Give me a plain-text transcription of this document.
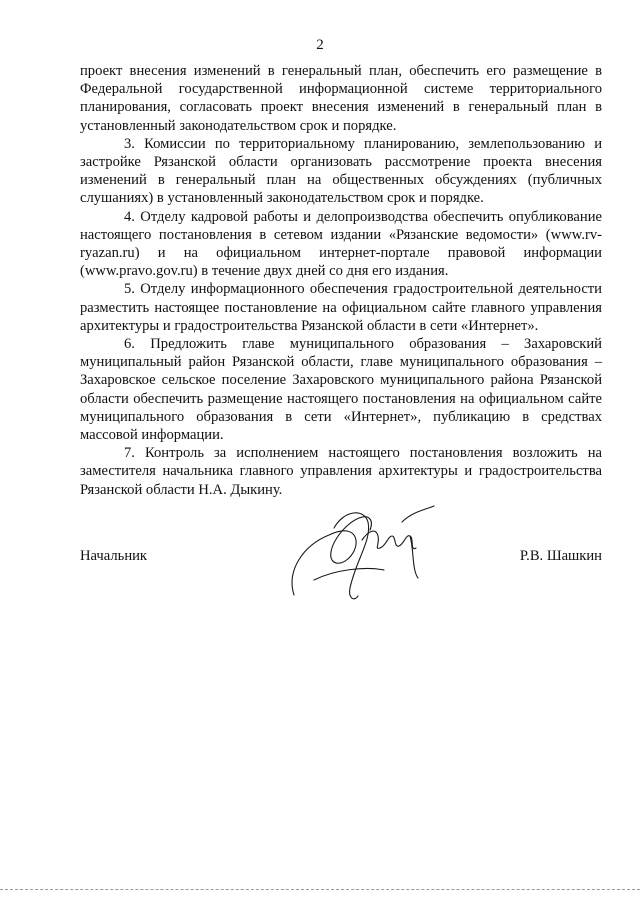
2

проект внесения изменений в генеральный план, обеспечить его размещение в Федеральной государственной информационной системе территориального планирования, согласовать проект внесения изменений в генеральный план в установленный законодательством срок и порядке.

3. Комиссии по территориальному планированию, землепользованию и застройке Рязанской области организовать рассмотрение проекта внесения изменений в генеральный план на общественных обсуждениях (публичных слушаниях) в установленный законодательством срок и порядке.

4. Отделу кадровой работы и делопроизводства обеспечить опубликование настоящего постановления в сетевом издании «Рязанские ведомости» (www.rv-ryazan.ru) и на официальном интернет-портале правовой информации (www.pravo.gov.ru) в течение двух дней со дня его издания.

5. Отделу информационного обеспечения градостроительной деятельности разместить настоящее постановление на официальном сайте главного управления архитектуры и градостроительства Рязанской области в сети «Интернет».

6. Предложить главе муниципального образования – Захаровский муниципальный район Рязанской области, главе муниципального образования – Захаровское сельское поселение Захаровского муниципального района Рязанской области обеспечить размещение настоящего постановления на официальном сайте муниципального образования в сети «Интернет», публикацию в средствах массовой информации.

7. Контроль за исполнением настоящего постановления возложить на заместителя начальника главного управления архитектуры и градостроительства Рязанской области Н.А. Дыкину.

Начальник	Р.В. Шашкин
